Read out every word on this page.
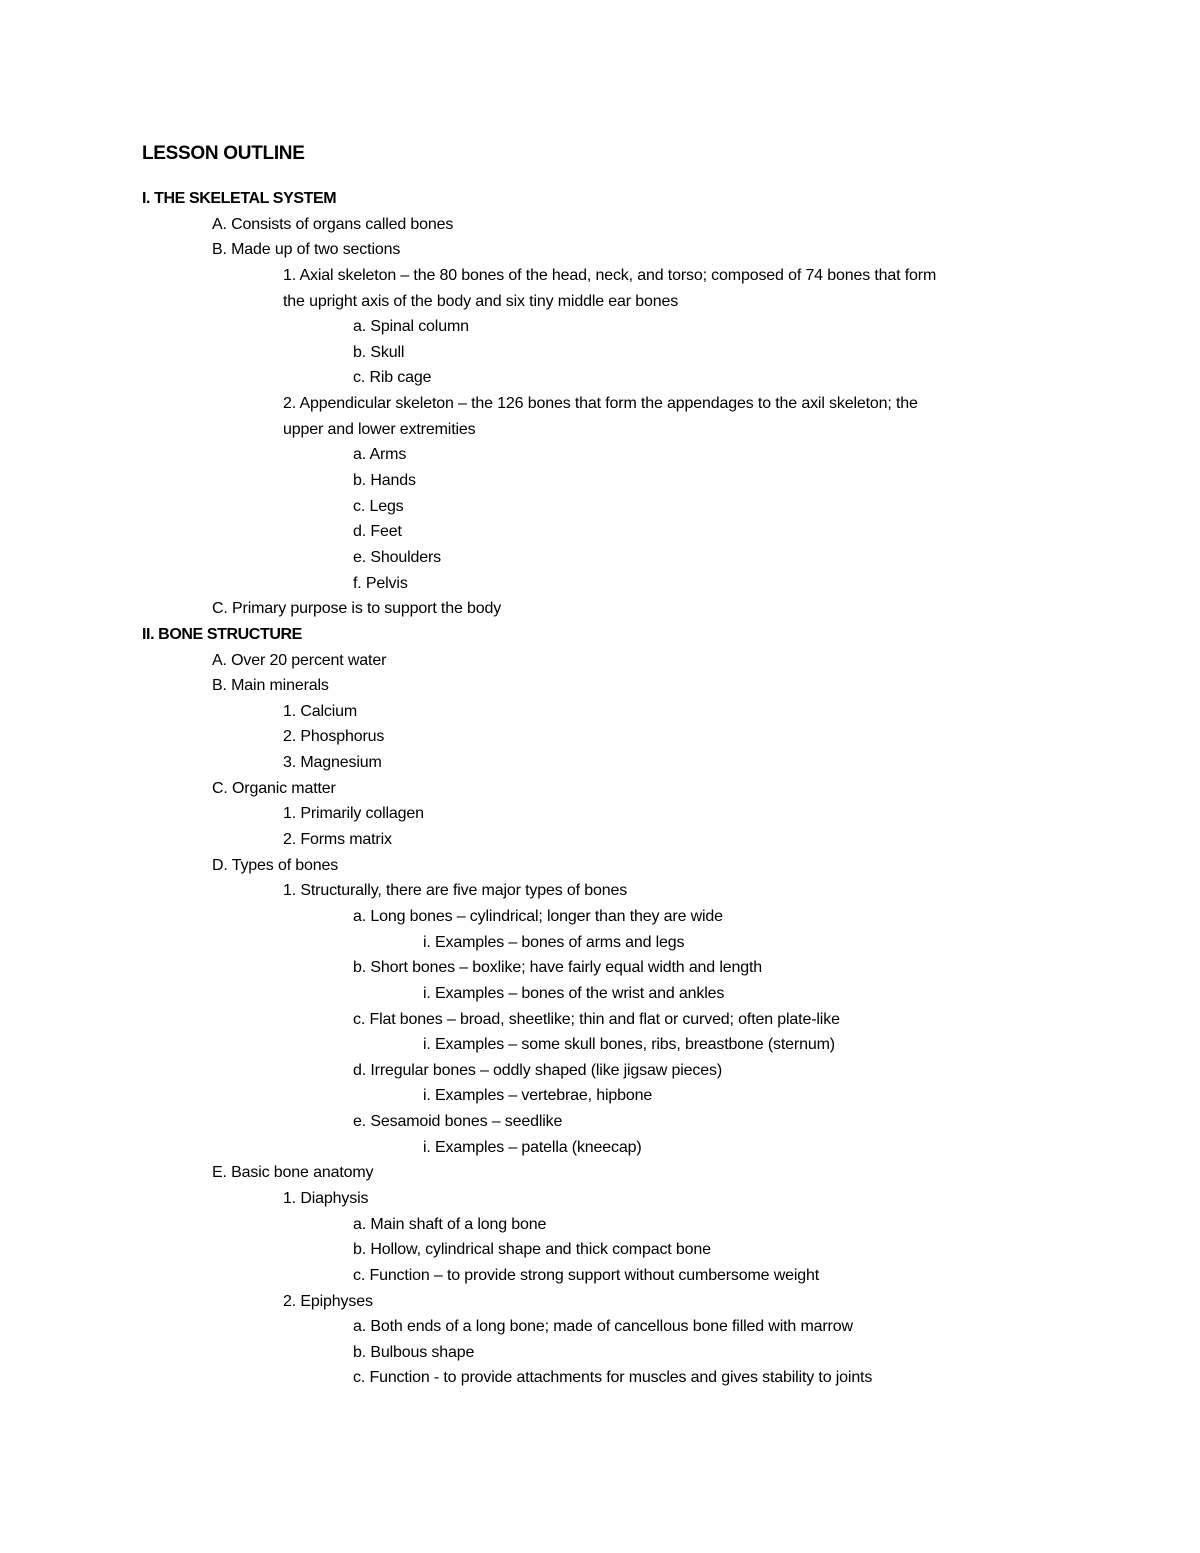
LESSON OUTLINE
I. THE SKELETAL SYSTEM
A. Consists of organs called bones
B. Made up of two sections
1. Axial skeleton – the 80 bones of the head, neck, and torso; composed of 74 bones that form
the upright axis of the body and six tiny middle ear bones
a. Spinal column
b. Skull
c. Rib cage
2. Appendicular skeleton – the 126 bones that form the appendages to the axil skeleton; the
upper and lower extremities
a. Arms
b. Hands
c. Legs
d. Feet
e. Shoulders
f. Pelvis
C. Primary purpose is to support the body
II. BONE STRUCTURE
A. Over 20 percent water
B. Main minerals
1. Calcium
2. Phosphorus
3. Magnesium
C. Organic matter
1. Primarily collagen
2. Forms matrix
D. Types of bones
1. Structurally, there are five major types of bones
a. Long bones – cylindrical; longer than they are wide
i. Examples – bones of arms and legs
b. Short bones – boxlike; have fairly equal width and length
i. Examples – bones of the wrist and ankles
c. Flat bones – broad, sheetlike; thin and flat or curved; often plate-like
i. Examples – some skull bones, ribs, breastbone (sternum)
d. Irregular bones – oddly shaped (like jigsaw pieces)
i. Examples – vertebrae, hipbone
e. Sesamoid bones – seedlike
i. Examples – patella (kneecap)
E. Basic bone anatomy
1. Diaphysis
a. Main shaft of a long bone
b. Hollow, cylindrical shape and thick compact bone
c. Function – to provide strong support without cumbersome weight
2. Epiphyses
a. Both ends of a long bone; made of cancellous bone filled with marrow
b. Bulbous shape
c. Function - to provide attachments for muscles and gives stability to joints
